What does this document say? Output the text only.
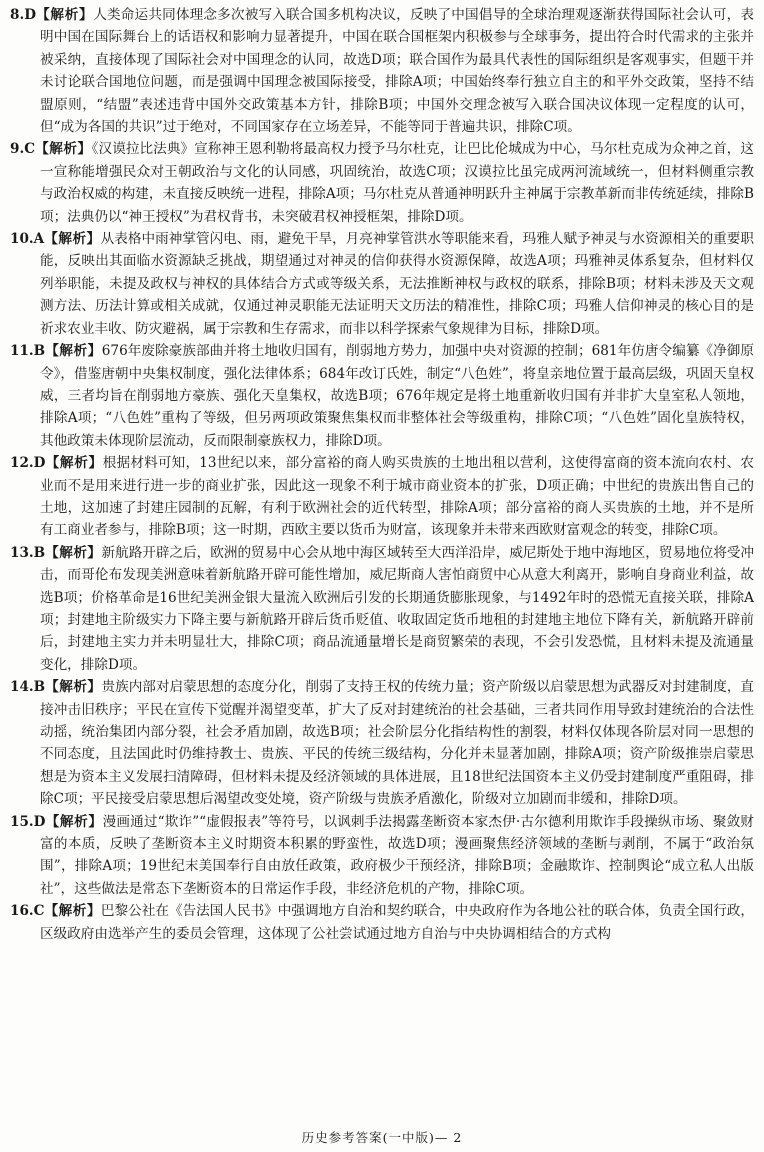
8.D【解析】人类命运共同体理念多次被写入联合国多机构决议，反映了中国倡导的全球治理观逐渐获得国际社会认可，表明中国在国际舞台上的话语权和影响力显著提升，中国在联合国框架内积极参与全球事务，提出符合时代需求的主张并被采纳，直接体现了国际社会对中国理念的认同，故选D项；联合国作为最具代表性的国际组织是客观事实，但题干并未讨论联合国地位问题，而是强调中国理念被国际接受，排除A项；中国始终奉行独立自主的和平外交政策，坚持不结盟原则，“结盟”表述违背中国外交政策基本方针，排除B项；中国外交理念被写入联合国决议体现一定程度的认可，但“成为各国的共识”过于绝对，不同国家存在立场差异，不能等同于普遍共识，排除C项。

9.C【解析】《汉谟拉比法典》宣称神王恩利勒将最高权力授予马尔杜克，让巴比伦城成为中心，马尔杜克成为众神之首，这一宣称能增强民众对王朝政治与文化的认同感，巩固统治，故选C项；汉谟拉比虽完成两河流域统一，但材料侧重宗教与政治权威的构建，未直接反映统一进程，排除A项；马尔杜克从普通神明跃升主神属于宗教革新而非传统延续，排除B项；法典仍以“神王授权”为君权背书，未突破君权神授框架，排除D项。

10.A【解析】从表格中雨神掌管闪电、雨，避免干旱，月亮神掌管洪水等职能来看，玛雅人赋予神灵与水资源相关的重要职能，反映出其面临水资源缺乏挑战，期望通过对神灵的信仰获得水资源保障，故选A项；玛雅神灵体系复杂，但材料仅列举职能，未提及政权与神权的具体结合方式或等级关系，无法推断神权与政权的联系，排除B项；材料未涉及天文观测方法、历法计算或相关成就，仅通过神灵职能无法证明天文历法的精准性，排除C项；玛雅人信仰神灵的核心目的是祈求农业丰收、防灾避祸，属于宗教和生存需求，而非以科学探索气象规律为目标，排除D项。

11.B【解析】676年废除豪族部曲并将土地收归国有，削弱地方势力，加强中央对资源的控制；681年仿唐令编纂《净御原令》，借鉴唐朝中央集权制度，强化法律体系；684年改订氏姓，制定“八色姓”，将皇亲地位置于最高层级，巩固天皇权威，三者均旨在削弱地方豪族、强化天皇集权，故选B项；676年规定是将土地重新收归国有并非扩大皇室私人领地，排除A项；“八色姓”重构了等级，但另两项政策聚焦集权而非整体社会等级重构，排除C项；“八色姓”固化皇族特权，其他政策未体现阶层流动，反而限制豪族权力，排除D项。

12.D【解析】根据材料可知，13世纪以来，部分富裕的商人购买贵族的土地出租以营利，这使得富商的资本流向农村、农业而不是用来进行进一步的商业扩张，因此这一现象不利于城市商业资本的扩张，D项正确；中世纪的贵族出售自己的土地，这加速了封建庄园制的瓦解，有利于欧洲社会的近代转型，排除A项；部分富裕的商人买贵族的土地，并不是所有工商业者参与，排除B项；这一时期，西欧主要以货币为财富，该现象并未带来西欧财富观念的转变，排除C项。

13.B【解析】新航路开辟之后，欧洲的贸易中心会从地中海区域转至大西洋沿岸，威尼斯处于地中海地区，贸易地位将受冲击，而哥伦布发现美洲意味着新航路开辟可能性增加，威尼斯商人害怕商贸中心从意大利离开，影响自身商业利益，故选B项；价格革命是16世纪美洲金银大量流入欧洲后引发的长期通货膨胀现象，与1492年时的恐慌无直接关联，排除A项；封建地主阶级实力下降主要与新航路开辟后货币贬值、收取固定货币地租的封建地主地位下降有关，新航路开辟前后，封建地主实力并未明显壮大，排除C项；商品流通量增长是商贸繁荣的表现，不会引发恐慌，且材料未提及流通量变化，排除D项。

14.B【解析】贵族内部对启蒙思想的态度分化，削弱了支持王权的传统力量；资产阶级以启蒙思想为武器反对封建制度，直接冲击旧秩序；平民在宣传下觉醒并渴望变革，扩大了反对封建统治的社会基础，三者共同作用导致封建统治的合法性动摇，统治集团内部分裂，社会矛盾加剧，故选B项；社会阶层分化指结构性的割裂，材料仅体现各阶层对同一思想的不同态度，且法国此时仍维持教士、贵族、平民的传统三级结构，分化并未显著加剧，排除A项；资产阶级推崇启蒙思想是为资本主义发展扫清障碍，但材料未提及经济领域的具体进展，且18世纪法国资本主义仍受封建制度严重阻碍，排除C项；平民接受启蒙思想后渴望改变处境，资产阶级与贵族矛盾激化，阶级对立加剧而非缓和，排除D项。

15.D【解析】漫画通过“欺诈”“虚假报表”等符号，以讽刺手法揭露垄断资本家杰伊·古尔德利用欺诈手段操纵市场、聚敛财富的本质，反映了垄断资本主义时期资本积累的野蛮性，故选D项；漫画聚焦经济领域的垄断与剥削，不属于“政治氛围”，排除A项；19世纪末美国奉行自由放任政策，政府极少干预经济，排除B项；金融欺诈、控制舆论“成立私人出版社”，这些做法是常态下垄断资本的日常运作手段，非经济危机的产物，排除C项。

16.C【解析】巴黎公社在《告法国人民书》中强调地方自治和契约联合，中央政府作为各地公社的联合体，负责全国行政，区级政府由选举产生的委员会管理，这体现了公社尝试通过地方自治与中央协调相结合的方式构

历史参考答案(一中版)— 2
